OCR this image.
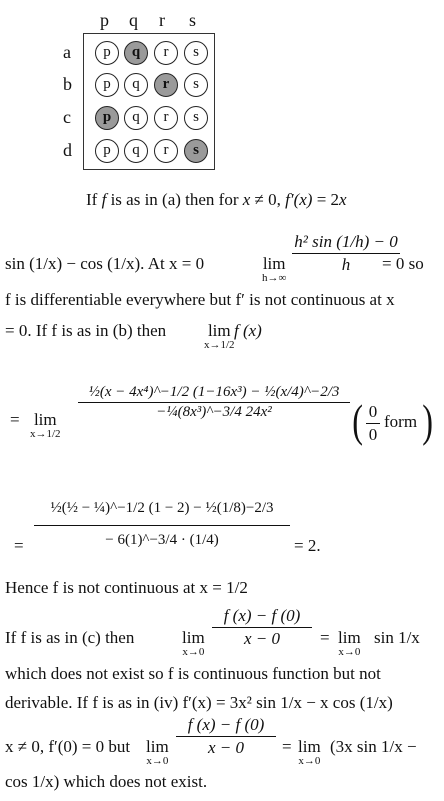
p q r s
a	p	q	r	s
b	p	q	r	s
c	p	q	r	s
d	p	q	r	s
If f is as in (a) then for x ≠ 0, f′(x) = 2x
sin (1/x) − cos (1/x). At x = 0	lim
h→∞
h² sin (1/h) − 0
h	= 0 so
f is differentiable everywhere but f′ is not continuous at x
= 0. If f is as in (b) then lim
x→1/2
f (x)
= lim
x→1/2
½(x − 4x⁴)^−1/2 (1−16x³) − ½(x/4)^−2/3
−¼(8x³)^−3/4 24x²	( 0
0
form )
=
½(½ − ¼)^−1/2 (1 − 2) − ½(1/8)−2/3
− 6(1)^−3/4 · (1/4)	= 2.
Hence f is not continuous at x = 1/2
If f is as in (c) then	lim
x→0
f (x) − f (0)
x − 0	= lim
x→0
sin 1/x
which does not exist so f is continuous function but not
derivable. If f is as in (iv) f′(x) = 3x² sin 1/x − x cos (1/x)
x ≠ 0, f′(0) = 0 but lim
x→0
f (x) − f (0)
x − 0	= lim
x→0
(3x sin 1/x −
cos 1/x) which does not exist.
